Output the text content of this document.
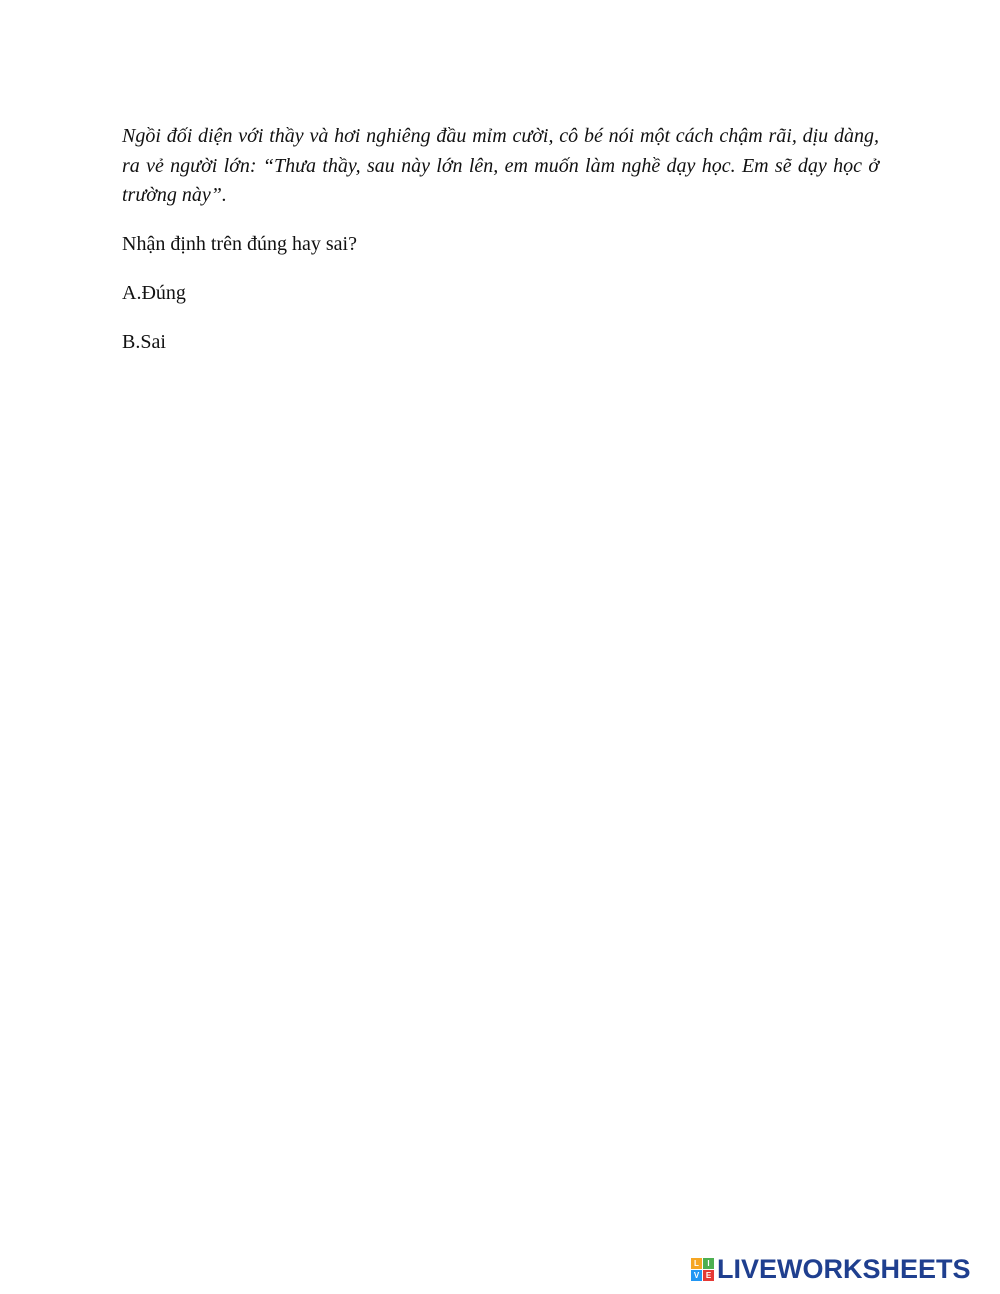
Ngồi đối diện với thầy và hơi nghiêng đầu mỉm cười, cô bé nói một cách chậm rãi, dịu dàng, ra vẻ người lớn: “Thưa thầy, sau này lớn lên, em muốn làm nghề dạy học. Em sẽ dạy học ở trường này”.

Nhận định trên đúng hay sai?

A.Đúng

B.Sai

L	I
V E LIVEWORKSHEETS
